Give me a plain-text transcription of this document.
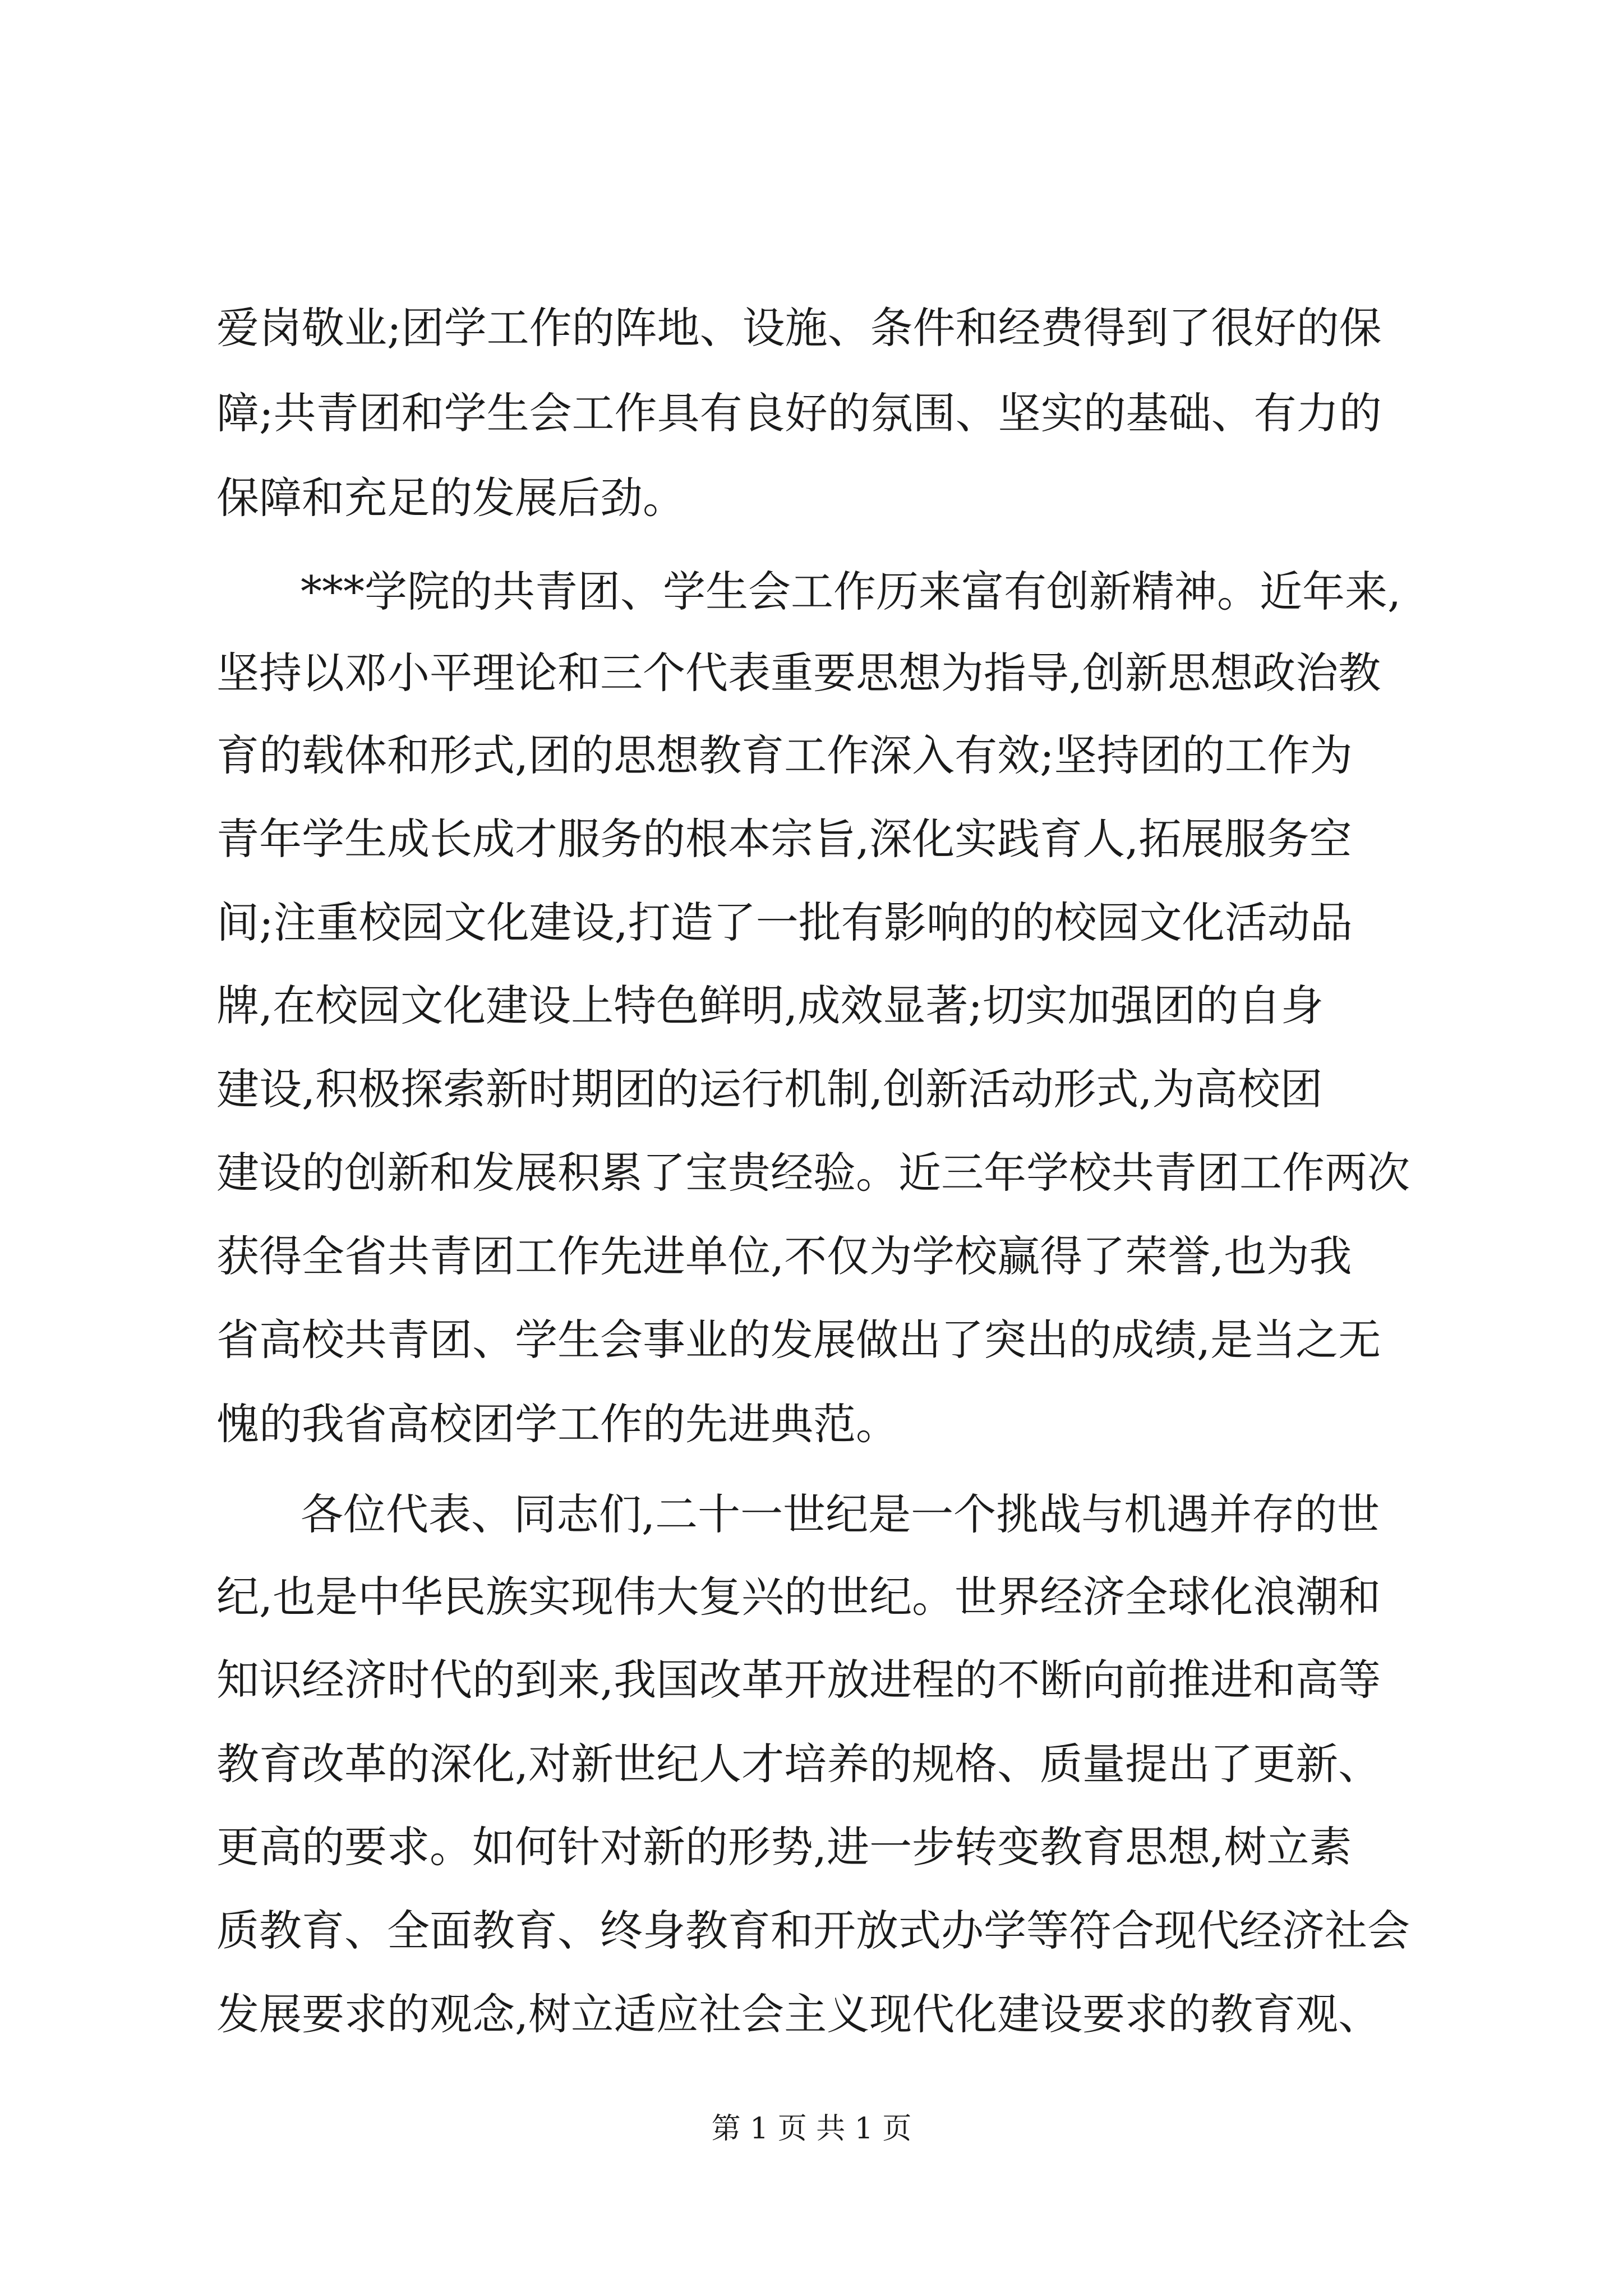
爱岗敬业;团学工作的阵地、设施、条件和经费得到了很好的保
障;共青团和学生会工作具有良好的氛围、坚实的基础、有力的
保障和充足的发展后劲。
***学院的共青团、学生会工作历来富有创新精神。近年来,
坚持以邓小平理论和三个代表重要思想为指导,创新思想政治教
育的载体和形式,团的思想教育工作深入有效;坚持团的工作为
青年学生成长成才服务的根本宗旨,深化实践育人,拓展服务空
间;注重校园文化建设,打造了一批有影响的的校园文化活动品
牌,在校园文化建设上特色鲜明,成效显著;切实加强团的自身
建设,积极探索新时期团的运行机制,创新活动形式,为高校团
建设的创新和发展积累了宝贵经验。近三年学校共青团工作两次
获得全省共青团工作先进单位,不仅为学校赢得了荣誉,也为我
省高校共青团、学生会事业的发展做出了突出的成绩,是当之无
愧的我省高校团学工作的先进典范。
各位代表、同志们,二十一世纪是一个挑战与机遇并存的世
纪,也是中华民族实现伟大复兴的世纪。世界经济全球化浪潮和
知识经济时代的到来,我国改革开放进程的不断向前推进和高等
教育改革的深化,对新世纪人才培养的规格、质量提出了更新、
更高的要求。如何针对新的形势,进一步转变教育思想,树立素
质教育、全面教育、终身教育和开放式办学等符合现代经济社会
发展要求的观念,树立适应社会主义现代化建设要求的教育观、
第 1 页 共 1 页
